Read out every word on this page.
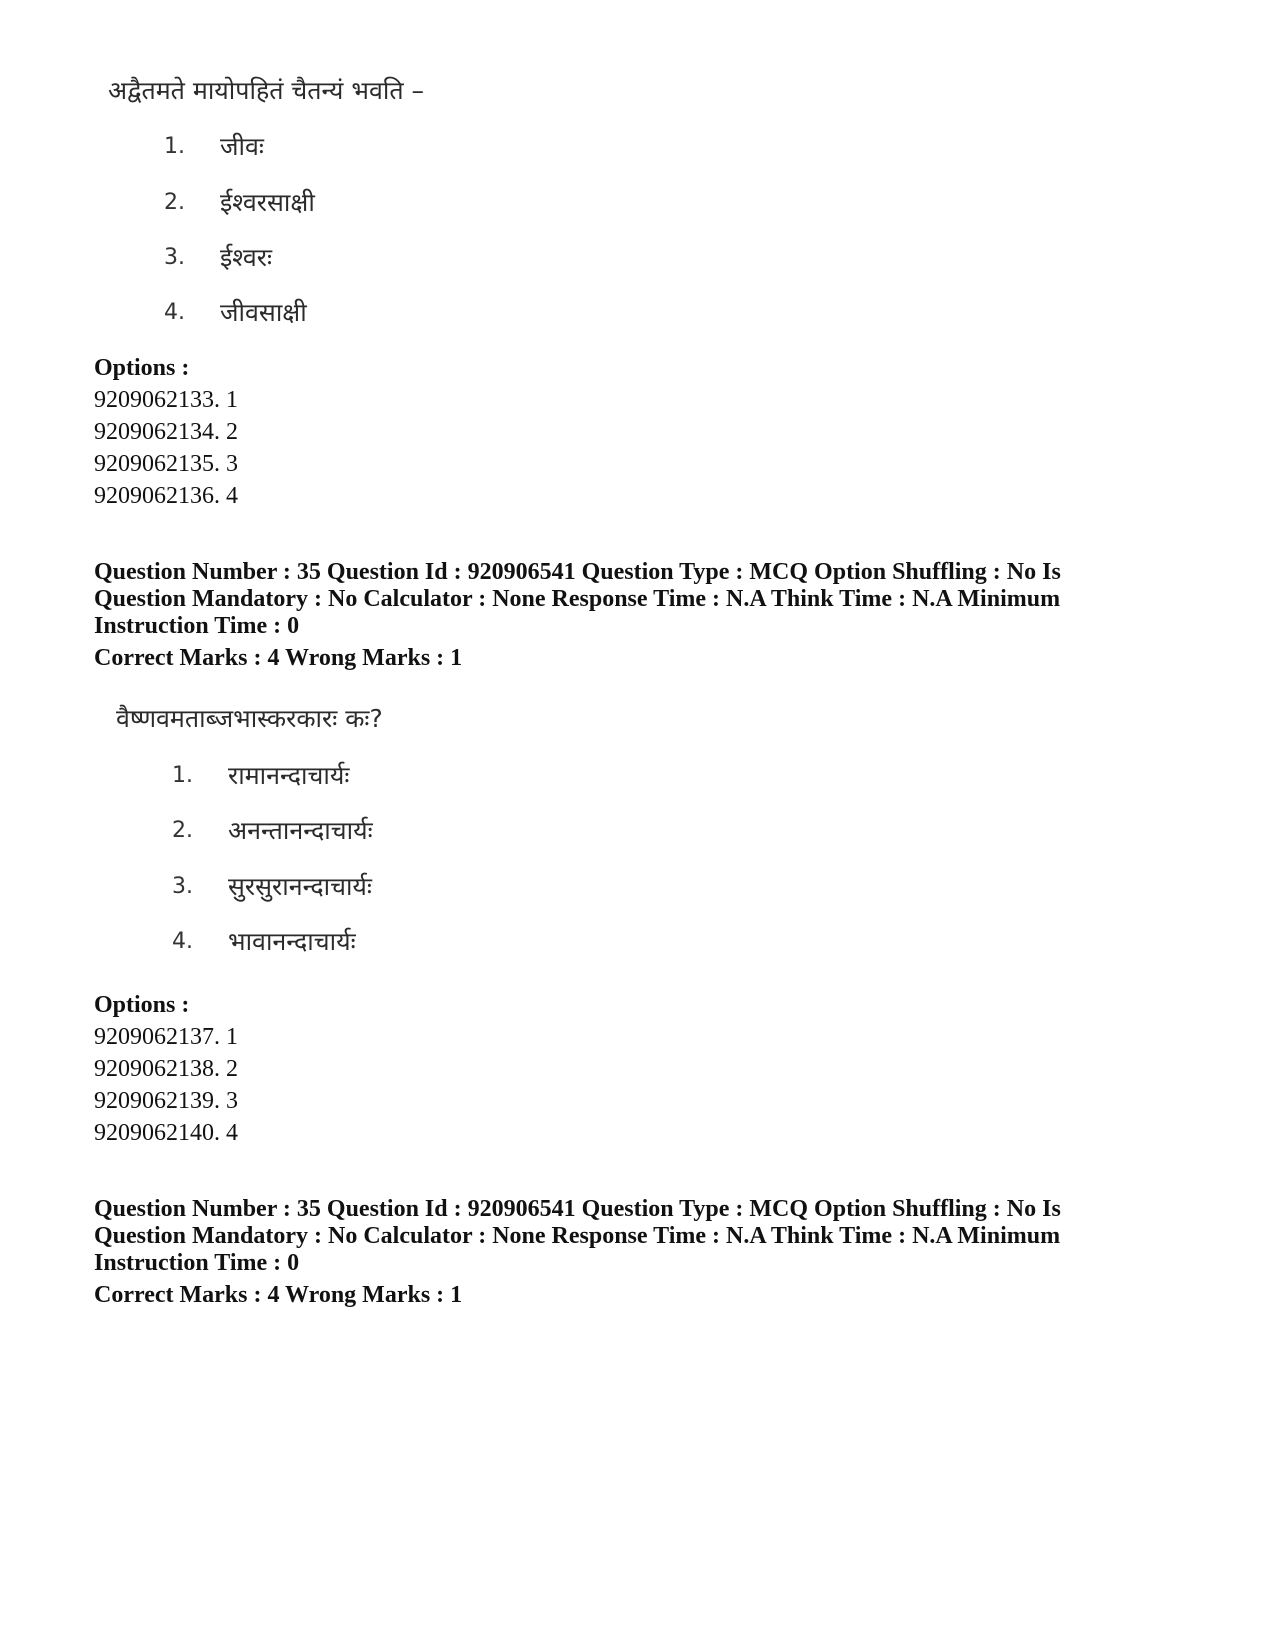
अद्वैतमते मायोपहितं चैतन्यं भवति –
1. जीवः
2. ईश्वरसाक्षी
3. ईश्वरः
4. जीवसाक्षी
Options :
9209062133. 1
9209062134. 2
9209062135. 3
9209062136. 4
Question Number : 35 Question Id : 920906541 Question Type : MCQ Option Shuffling : No Is Question Mandatory : No Calculator : None Response Time : N.A Think Time : N.A Minimum Instruction Time : 0
Correct Marks : 4 Wrong Marks : 1
वैष्णवमताब्जभास्करकारः कः?
1. रामानन्दाचार्यः
2. अनन्तानन्दाचार्यः
3. सुरसुरानन्दाचार्यः
4. भावानन्दाचार्यः
Options :
9209062137. 1
9209062138. 2
9209062139. 3
9209062140. 4
Question Number : 35 Question Id : 920906541 Question Type : MCQ Option Shuffling : No Is Question Mandatory : No Calculator : None Response Time : N.A Think Time : N.A Minimum Instruction Time : 0
Correct Marks : 4 Wrong Marks : 1
